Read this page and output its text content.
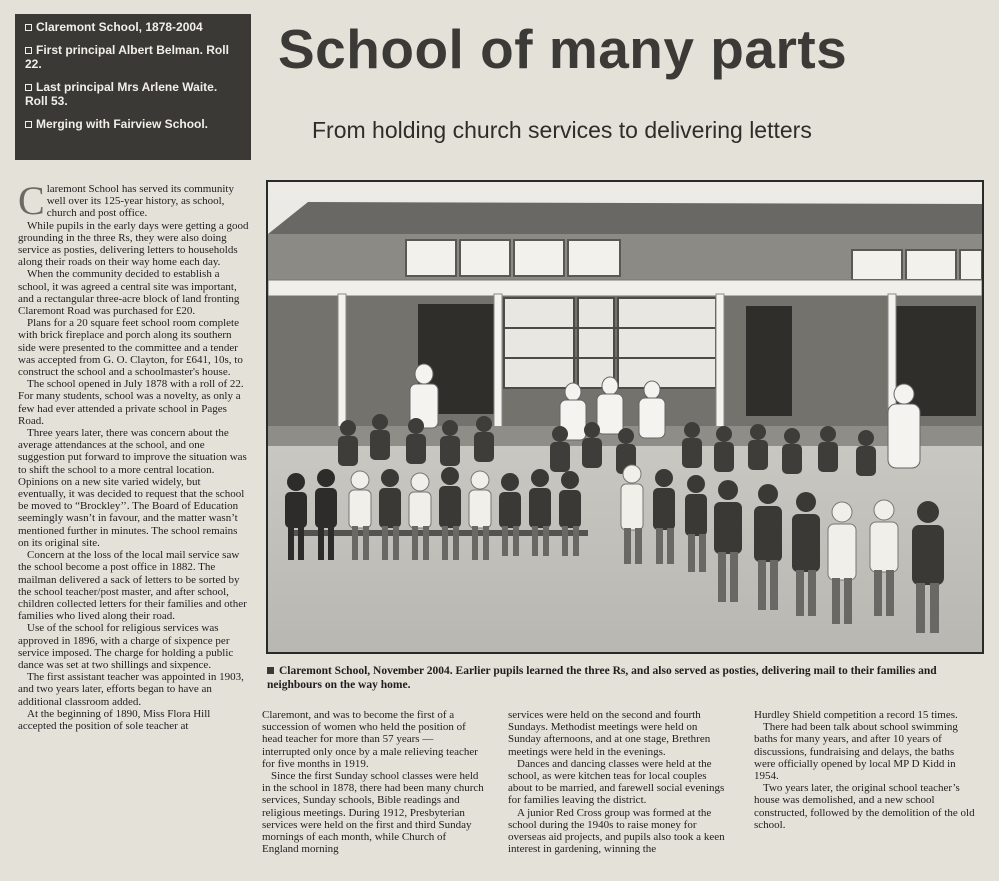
Claremont School, 1878-2004
First principal Albert Belman. Roll 22.
Last principal Mrs Arlene Waite. Roll 53.
Merging with Fairview School.
School of many parts
From holding church services to delivering letters

Claremont School has served its community well over its 125-year history, as school, church and post office.

While pupils in the early days were getting a good grounding in the three Rs, they were also doing service as posties, delivering letters to households along their roads on their way home each day.

When the community decided to establish a school, it was agreed a central site was important, and a rectangular three-acre block of land fronting Claremont Road was purchased for £20.

Plans for a 20 square feet school room complete with brick fireplace and porch along its southern side were presented to the committee and a tender was accepted from G. O. Clayton, for £641, 10s, to construct the school and a schoolmaster's house.

The school opened in July 1878 with a roll of 22. For many students, school was a novelty, as only a few had ever attended a private school in Pages Road.

Three years later, there was concern about the average attendances at the school, and one suggestion put forward to improve the situation was to shift the school to a more central location. Opinions on a new site varied widely, but eventually, it was decided to request that the school be moved to “Brockley’’. The Board of Education seemingly wasn’t in favour, and the matter wasn’t mentioned further in minutes. The school remains on its original site.

Concern at the loss of the local mail service saw the school become a post office in 1882. The mailman delivered a sack of letters to be sorted by the school teacher/post master, and after school, children collected letters for their families and other families who lived along their road.

Use of the school for religious services was approved in 1896, with a charge of sixpence per service imposed. The charge for holding a public dance was set at two shillings and sixpence.

The first assistant teacher was appointed in 1903, and two years later, efforts began to have an additional classroom added.

At the beginning of 1890, Miss Flora Hill accepted the position of sole teacher at

Claremont School, November 2004. Earlier pupils learned the three Rs, and also served as posties, delivering mail to their families and neighbours on the way home.

Claremont, and was to become the first of a succession of women who held the position of head teacher for more than 57 years — interrupted only once by a male relieving teacher for five months in 1919.

Since the first Sunday school classes were held in the school in 1878, there had been many church services, Sunday schools, Bible readings and religious meetings. During 1912, Presbyterian services were held on the first and third Sunday mornings of each month, while Church of England morning

services were held on the second and fourth Sundays. Methodist meetings were held on Sunday afternoons, and at one stage, Brethren meetings were held in the evenings.

Dances and dancing classes were held at the school, as were kitchen teas for local couples about to be married, and farewell social evenings for families leaving the district.

A junior Red Cross group was formed at the school during the 1940s to raise money for overseas aid projects, and pupils also took a keen interest in gardening, winning the

Hurdley Shield competition a record 15 times.

There had been talk about school swimming baths for many years, and after 10 years of discussions, fundraising and delays, the baths were officially opened by local MP D Kidd in 1954.

Two years later, the original school teacher’s house was demolished, and a new school constructed, followed by the demolition of the old school.
